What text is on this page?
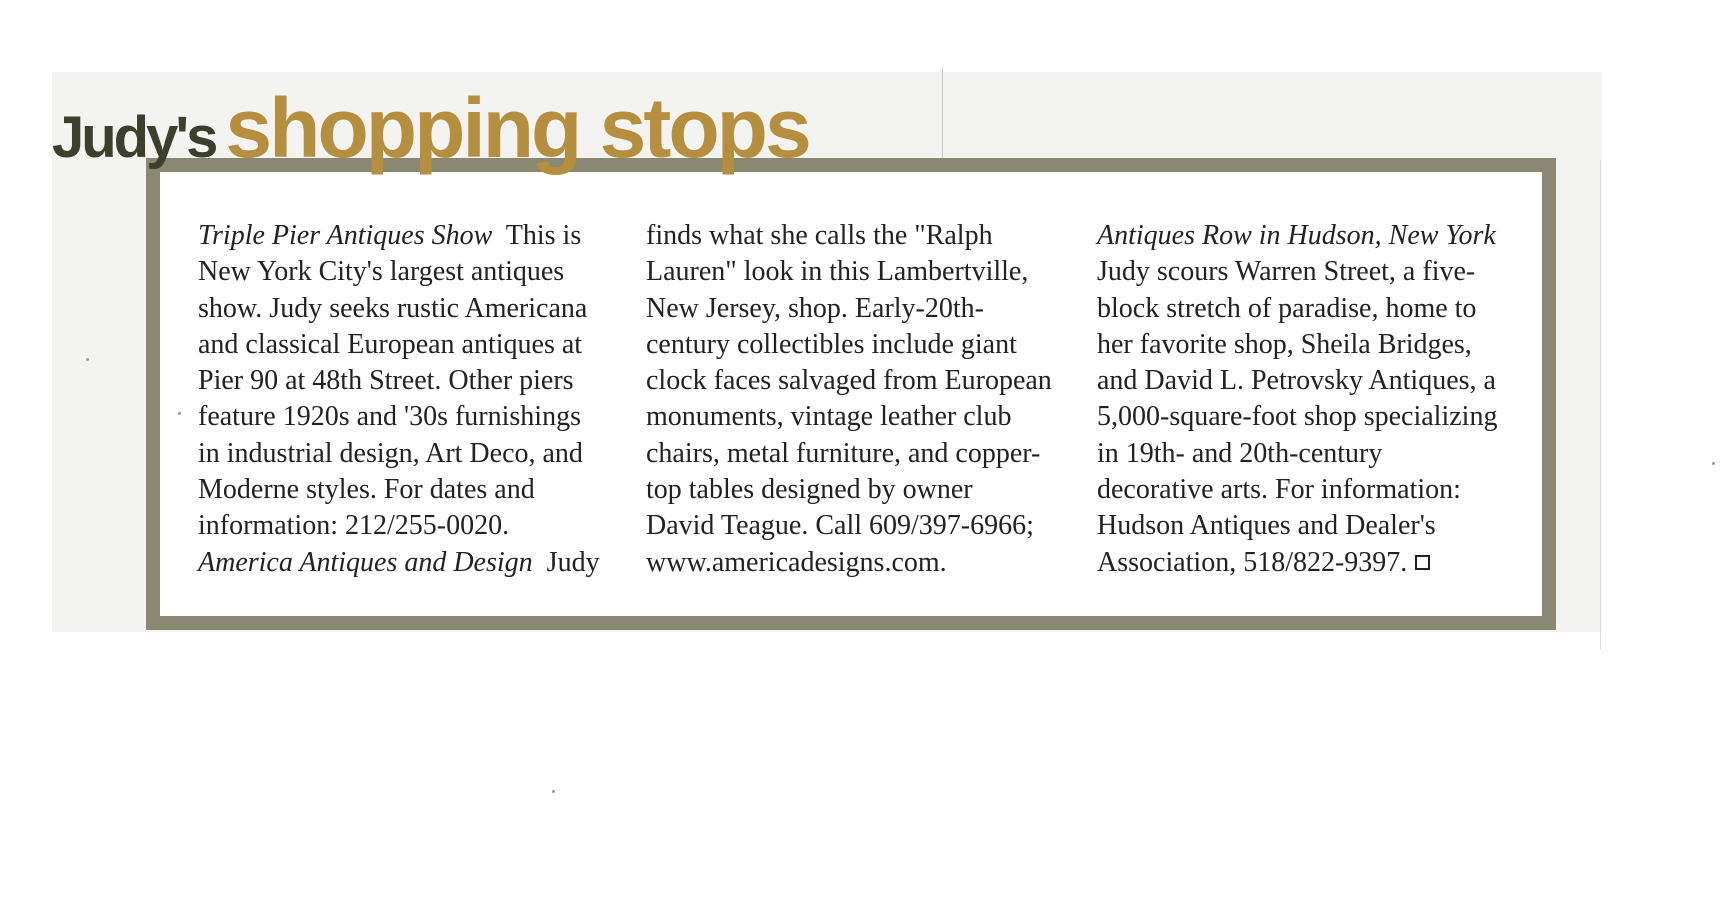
Judy's shopping stops
Triple Pier Antiques Show  This is
New York City's largest antiques
show. Judy seeks rustic Americana
and classical European antiques at
Pier 90 at 48th Street. Other piers
feature 1920s and '30s furnishings
in industrial design, Art Deco, and
Moderne styles. For dates and
information: 212/255-0020.
America Antiques and Design  Judy
finds what she calls the "Ralph
Lauren" look in this Lambertville,
New Jersey, shop. Early-20th-
century collectibles include giant
clock faces salvaged from European
monuments, vintage leather club
chairs, metal furniture, and copper-
top tables designed by owner
David Teague. Call 609/397-6966;
www.americadesigns.com.
Antiques Row in Hudson, New York
Judy scours Warren Street, a five-
block stretch of paradise, home to
her favorite shop, Sheila Bridges,
and David L. Petrovsky Antiques, a
5,000-square-foot shop specializing
in 19th- and 20th-century
decorative arts. For information:
Hudson Antiques and Dealer's
Association, 518/822-9397.
